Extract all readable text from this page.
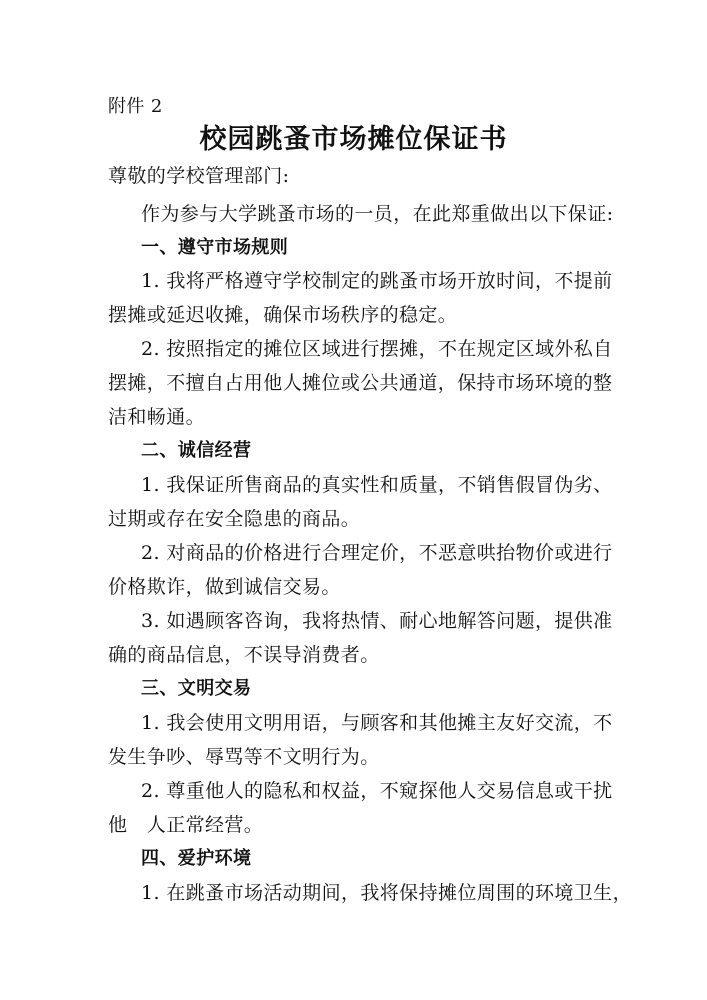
附件 2
校园跳蚤市场摊位保证书
尊敬的学校管理部门:
作为参与大学跳蚤市场的一员，在此郑重做出以下保证:
一、遵守市场规则
1. 我将严格遵守学校制定的跳蚤市场开放时间，不提前
摆摊或延迟收摊，确保市场秩序的稳定。
2. 按照指定的摊位区域进行摆摊，不在规定区域外私自
摆摊，不擅自占用他人摊位或公共通道，保持市场环境的整
洁和畅通。
二、诚信经营
1. 我保证所售商品的真实性和质量，不销售假冒伪劣、
过期或存在安全隐患的商品。
2. 对商品的价格进行合理定价，不恶意哄抬物价或进行
价格欺诈，做到诚信交易。
3. 如遇顾客咨询，我将热情、耐心地解答问题，提供准
确的商品信息，不误导消费者。
三、文明交易
1. 我会使用文明用语，与顾客和其他摊主友好交流，不
发生争吵、辱骂等不文明行为。
2. 尊重他人的隐私和权益，不窥探他人交易信息或干扰
他　人正常经营。
四、爱护环境
1. 在跳蚤市场活动期间，我将保持摊位周围的环境卫生，
